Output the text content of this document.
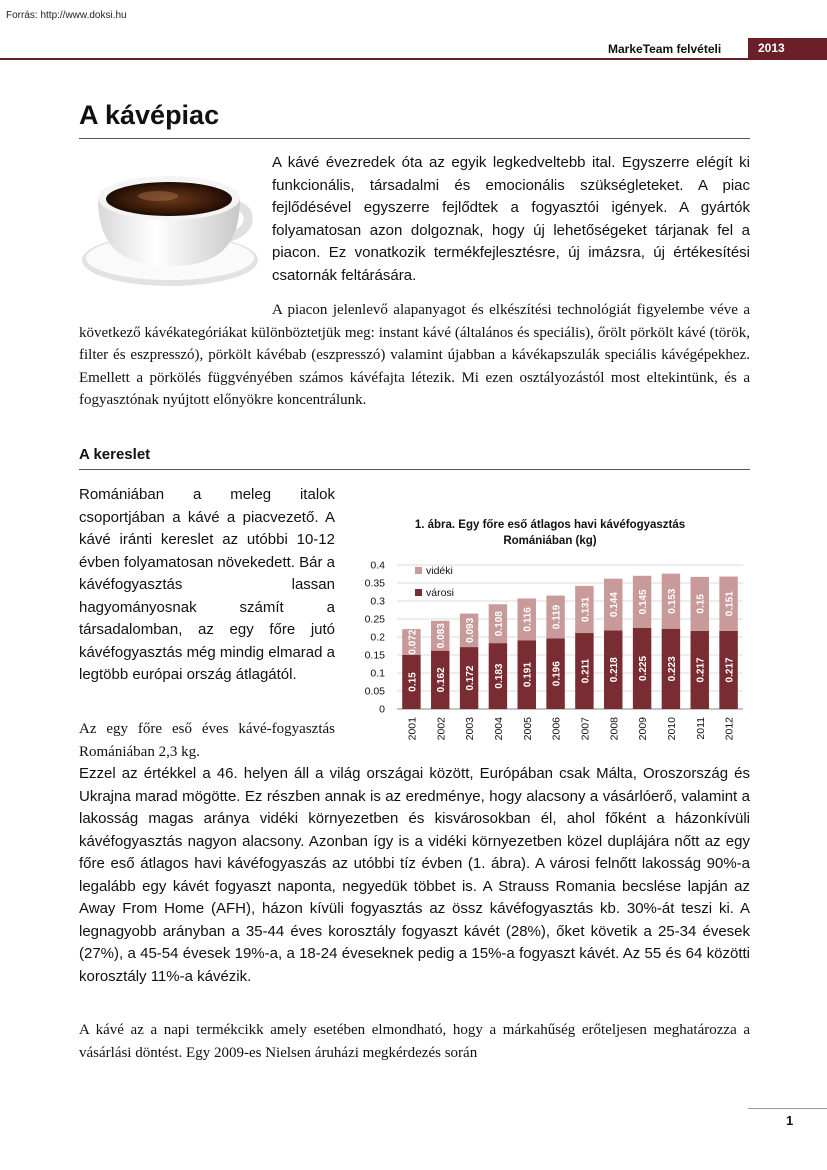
Forrás: http://www.doksi.hu
MarkeTeam felvételi	2013
A kávépiac

A kávé évezredek óta az egyik legkedveltebb ital. Egyszerre elégít ki funkcionális, társadalmi és emocionális szükségleteket. A piac fejlődésével egyszerre fejlődtek a fogyasztói igények. A gyártók folyamatosan azon dolgoznak, hogy új lehetőségeket tárjanak fel a piacon. Ez vonatkozik termékfejlesztésre, új imázsra, új értékesítési csatornák feltárására.

A piacon jelenlevő alapanyagot és elkészítési technológiát figyelembe véve a következő kávékategóriákat különböztetjük meg: instant kávé (általános és speciális), őrölt pörkölt kávé (török, filter és eszpresszó), pörkölt kávébab (eszpresszó) valamint újabban a kávékapszulák speciális kávégépekhez. Emellett a pörkölés függvényében számos kávéfajta létezik. Mi ezen osztályozástól most eltekintünk, és a fogyasztónak nyújtott előnyökre koncentrálunk.

A kereslet

Romániában a meleg italok csoportjában a kávé a piacvezető. A kávé iránti kereslet az utóbbi 10-12 évben folyamatosan növekedett. Bár a kávéfogyasztás lassan hagyományosnak számít a társadalomban, az egy főre jutó kávéfogyasztás még mindig elmarad a legtöbb európai ország átlagától.

Az egy főre eső éves kávé-fogyasztás Romániában 2,3 kg.

Ezzel az értékkel a 46. helyen áll a világ országai között, Európában csak Málta, Oroszország és Ukrajna marad mögötte. Ez részben annak is az eredménye, hogy alacsony a vásárlóerő, valamint a lakosság magas aránya vidéki környezetben és kisvárosokban él, ahol főként a házonkívüli kávéfogyasztás nagyon alacsony. Azonban így is a vidéki környezetben közel duplájára nőtt az egy főre eső átlagos havi kávéfogyaszás az utóbbi tíz évben (1. ábra). A városi felnőtt lakosság 90%-a legalább egy kávét fogyaszt naponta, negyedük többet is. A Strauss Romania becslése lapján az Away From Home (AFH), házon kívüli fogyasztás az össz kávéfogyasztás kb. 30%-át teszi ki. A legnagyobb arányban a 35-44 éves korosztály fogyaszt kávét (28%), őket követik a 25-34 évesek (27%), a 45-54 évesek 19%-a, a 18-24 éveseknek pedig a 15%-a fogyaszt kávét. Az 55 és 64 közötti korosztály 11%-a kávézik.

A kávé az a napi termékcikk amely esetében elmondható, hogy a márkahűség erőteljesen meghatározza a vásárlási döntést. Egy 2009-es Nielsen áruházi megkérdezés során

1. ábra. Egy főre eső átlagos havi kávéfogyasztás
Romániában (kg)
0
0.05
0.1
0.15
0.2
0.25
0.3
0.35
0.4
0.15
0.072
2001
0.162
0.083
2002
0.172
0.093
2003
0.183
0.108
2004
0.191
0.116
2005
0.196
0.119
2006
0.211
0.131
2007
0.218
0.144
2008
0.225
0.145
2009
0.223
0.153
2010
0.217
0.15
2011
0.217
0.151
2012
vidéki
városi
1
